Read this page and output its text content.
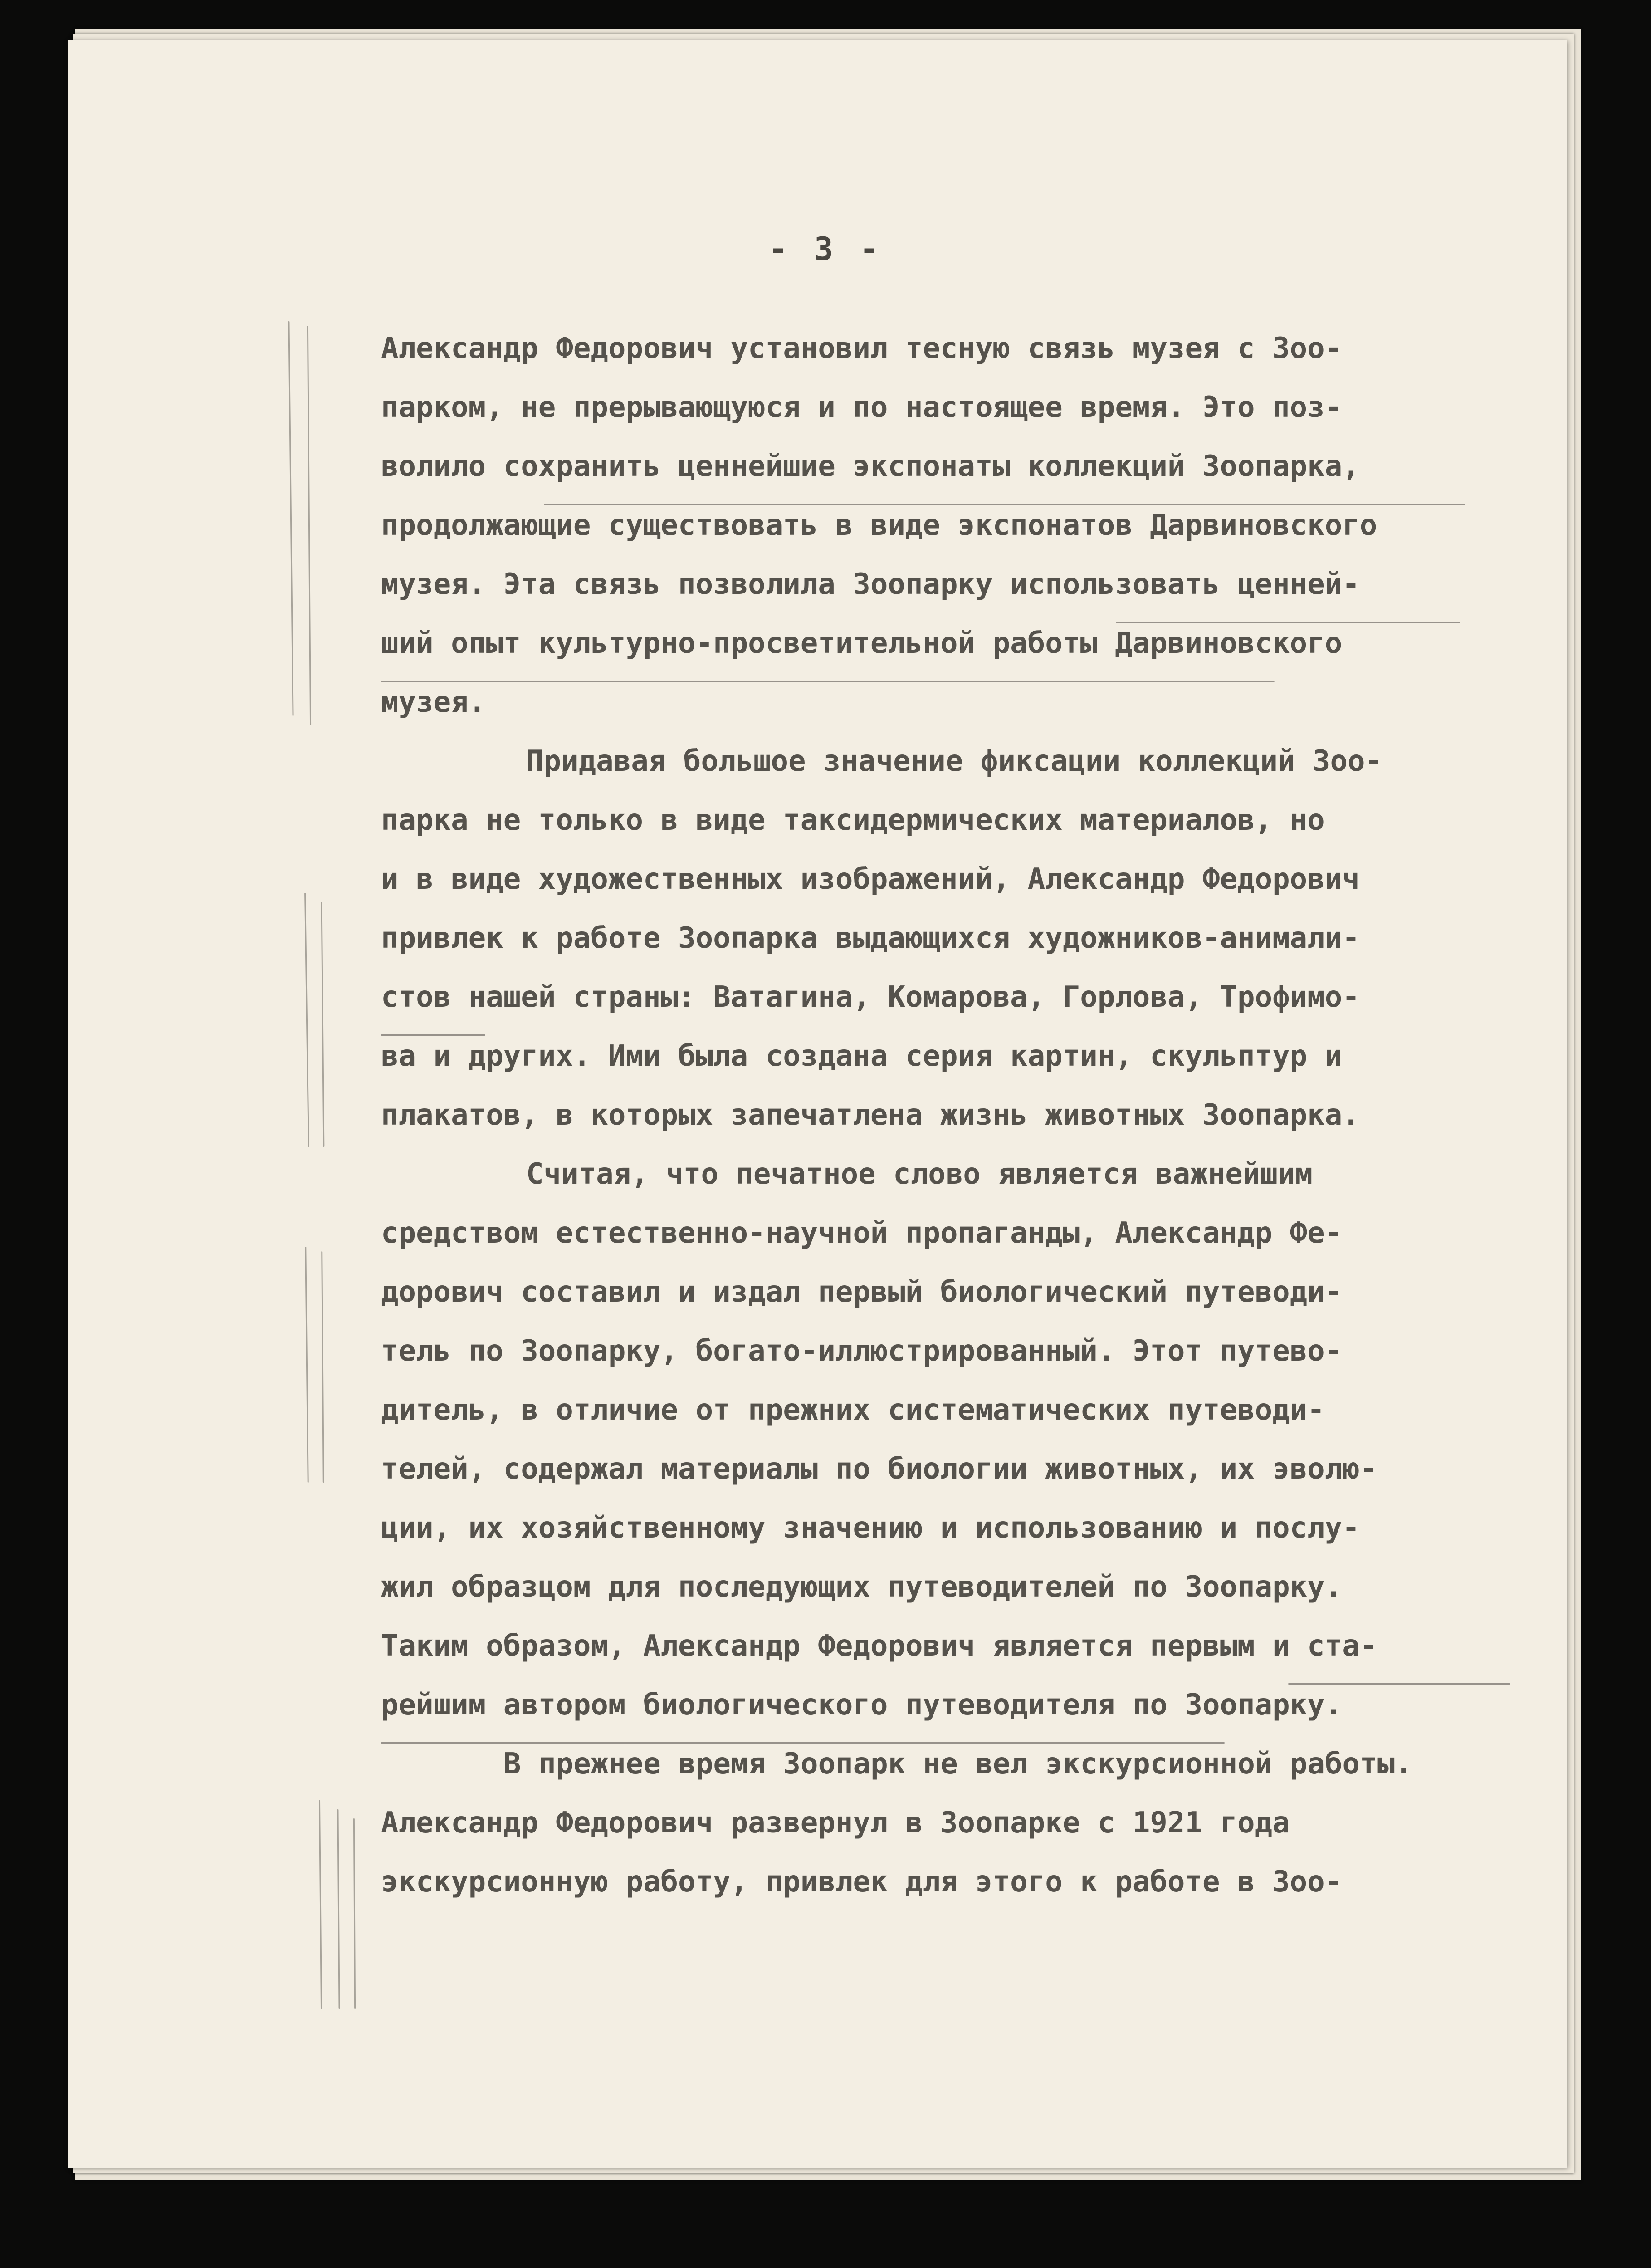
- 3 -
Александр Федорович установил тесную связь музея с Зоо-
парком, не прерывающуюся и по настоящее время. Это поз-
волило сохранить ценнейшие экспонаты коллекций Зоопарка,
продолжающие существовать в виде экспонатов Дарвиновского
музея. Эта связь позволила Зоопарку использовать ценней-
ший опыт культурно-просветительной работы Дарвиновского
музея.
Придавая большое значение фиксации коллекций Зоо-
парка не только в виде таксидермических материалов, но
и в виде художественных изображений, Александр Федорович
привлек к работе Зоопарка выдающихся художников-анимали-
стов нашей страны: Ватагина, Комарова, Горлова, Трофимо-
ва и других. Ими была создана серия картин, скульптур и
плакатов, в которых запечатлена жизнь животных Зоопарка.
Считая, что печатное слово является важнейшим
средством естественно-научной пропаганды, Александр Фе-
дорович составил и издал первый биологический путеводи-
тель по Зоопарку, богато-иллюстрированный. Этот путево-
дитель, в отличие от прежних систематических путеводи-
телей, содержал материалы по биологии животных, их эволю-
ции, их хозяйственному значению и использованию и послу-
жил образцом для последующих путеводителей по Зоопарку.
Таким образом, Александр Федорович является первым и ста-
рейшим автором биологического путеводителя по Зоопарку.
В прежнее время Зоопарк не вел экскурсионной работы.
Александр Федорович развернул в Зоопарке с 1921 года
экскурсионную работу, привлек для этого к работе в Зоо-
